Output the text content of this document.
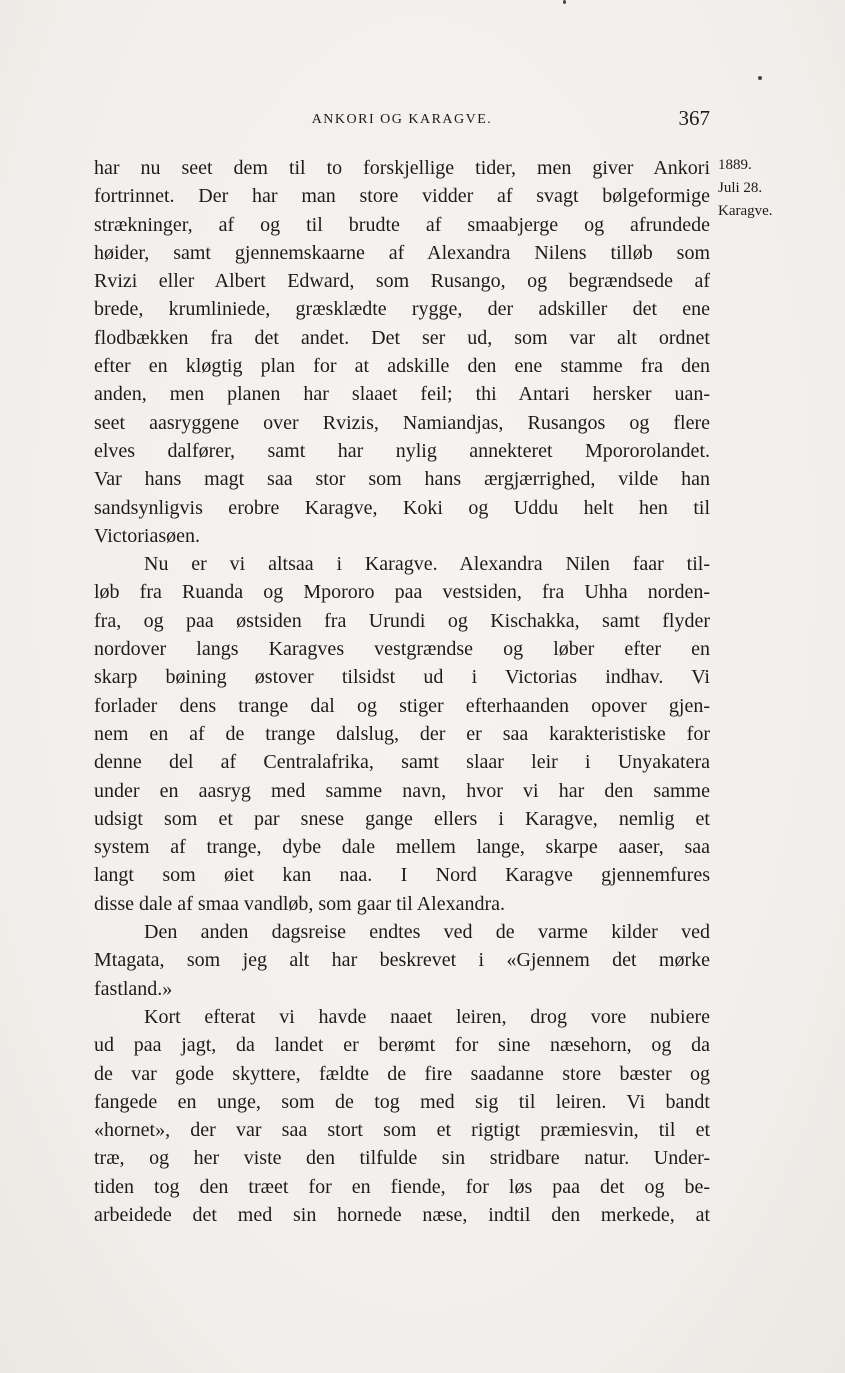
ANKORI OG KARAGVE.	367
1889.
Juli 28.
Karagve.
har nu seet dem til to forskjellige tider, men giver Ankori
fortrinnet. Der har man store vidder af svagt bølgeformige
strækninger, af og til brudte af smaabjerge og afrundede
høider, samt gjennemskaarne af Alexandra Nilens tilløb som
Rvizi eller Albert Edward, som Rusango, og begrændsede af
brede, krumliniede, græsklædte rygge, der adskiller det ene
flodbækken fra det andet. Det ser ud, som var alt ordnet
efter en kløgtig plan for at adskille den ene stamme fra den
anden, men planen har slaaet feil; thi Antari hersker uan-
seet aasryggene over Rvizis, Namiandjas, Rusangos og flere
elves dalfører, samt har nylig annekteret Mpororolandet.
Var hans magt saa stor som hans ærgjærrighed, vilde han
sandsynligvis erobre Karagve, Koki og Uddu helt hen til
Victoriasøen.
Nu er vi altsaa i Karagve. Alexandra Nilen faar til-
løb fra Ruanda og Mpororo paa vestsiden, fra Uhha norden-
fra, og paa østsiden fra Urundi og Kischakka, samt flyder
nordover langs Karagves vestgrændse og løber efter en
skarp bøining østover tilsidst ud i Victorias indhav. Vi
forlader dens trange dal og stiger efterhaanden opover gjen-
nem en af de trange dalslug, der er saa karakteristiske for
denne del af Centralafrika, samt slaar leir i Unyakatera
under en aasryg med samme navn, hvor vi har den samme
udsigt som et par snese gange ellers i Karagve, nemlig et
system af trange, dybe dale mellem lange, skarpe aaser, saa
langt som øiet kan naa. I Nord Karagve gjennemfures
disse dale af smaa vandløb, som gaar til Alexandra.
Den anden dagsreise endtes ved de varme kilder ved
Mtagata, som jeg alt har beskrevet i «Gjennem det mørke
fastland.»
Kort efterat vi havde naaet leiren, drog vore nubiere
ud paa jagt, da landet er berømt for sine næsehorn, og da
de var gode skyttere, fældte de fire saadanne store bæster og
fangede en unge, som de tog med sig til leiren. Vi bandt
«hornet», der var saa stort som et rigtigt præmiesvin, til et
træ, og her viste den tilfulde sin stridbare natur. Under-
tiden tog den træet for en fiende, for løs paa det og be-
arbeidede det med sin hornede næse, indtil den merkede, at
